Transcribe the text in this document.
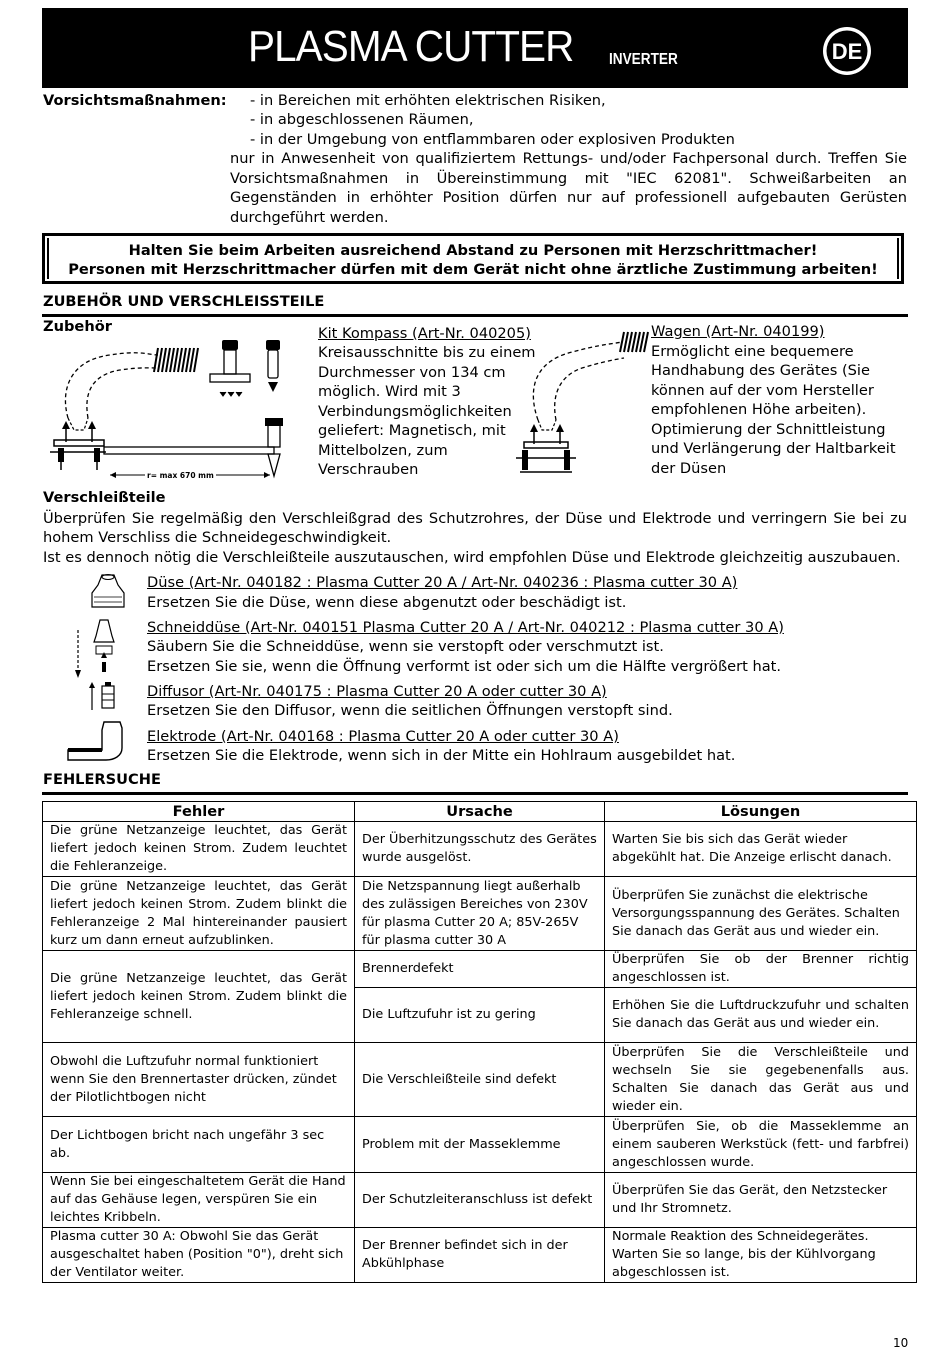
PLASMA CUTTER INVERTER	DE
Vorsichtsmaßnahmen: - in Bereichen mit erhöhten elektrischen Risiken,
- in abgeschlossenen Räumen,
- in der Umgebung von entflammbaren oder explosiven Produkten
nur in Anwesenheit von qualifiziertem Rettungs- und/oder Fachpersonal durch. Treffen Sie
Vorsichtsmaßnahmen in Übereinstimmung mit "IEC 62081". Schweißarbeiten an
Gegenständen in erhöhter Position dürfen nur auf professionell aufgebauten Gerüsten
durchgeführt werden.
Halten Sie beim Arbeiten ausreichend Abstand zu Personen mit Herzschrittmacher!
Personen mit Herzschrittmacher dürfen mit dem Gerät nicht ohne ärztliche Zustimmung arbeiten!
ZUBEHÖR UND VERSCHLEISSTEILE
Zubehör
r= max 670 mm
Kit Kompass (Art-Nr. 040205)
Kreisausschnitte bis zu einem
Durchmesser von 134 cm
möglich. Wird mit 3
Verbindungsmöglichkeiten
geliefert: Magnetisch, mit
Mittelbolzen, zum
Verschrauben
Wagen (Art-Nr. 040199)
Ermöglicht eine bequemere
Handhabung des Gerätes (Sie
können auf der vom Hersteller
empfohlenen Höhe arbeiten).
Optimierung der Schnittleistung
und Verlängerung der Haltbarkeit
der Düsen
Verschleißteile
Überprüfen Sie regelmäßig den Verschleißgrad des Schutzrohres, der Düse und Elektrode und verringern Sie bei zu
hohem Verschliss die Schneidegeschwindigkeit.
Ist es dennoch nötig die Verschleißteile auszutauschen, wird empfohlen Düse und Elektrode gleichzeitig auszubauen.
Düse (Art-Nr. 040182 : Plasma Cutter 20 A / Art-Nr. 040236 : Plasma cutter 30 A)
Ersetzen Sie die Düse, wenn diese abgenutzt oder beschädigt ist.
Schneiddüse (Art-Nr. 040151 Plasma Cutter 20 A / Art-Nr. 040212 : Plasma cutter 30 A)
Säubern Sie die Schneiddüse, wenn sie verstopft oder verschmutzt ist.
Ersetzen Sie sie, wenn die Öffnung verformt ist oder sich um die Hälfte vergrößert hat.
Diffusor (Art-Nr. 040175 : Plasma Cutter 20 A oder cutter 30 A)
Ersetzen Sie den Diffusor, wenn die seitlichen Öffnungen verstopft sind.
Elektrode (Art-Nr. 040168 : Plasma Cutter 20 A oder cutter 30 A)
Ersetzen Sie die Elektrode, wenn sich in der Mitte ein Hohlraum ausgebildet hat.
FEHLERSUCHE
Fehler	Ursache	Lösungen
Die grüne Netzanzeige leuchtet, das Gerät liefert jedoch keinen Strom. Zudem leuchtet die Fehleranzeige.	Der Überhitzungsschutz des Gerätes wurde ausgelöst.	Warten Sie bis sich das Gerät wieder abgekühlt hat. Die Anzeige erlischt danach.
Die grüne Netzanzeige leuchtet, das Gerät liefert jedoch keinen Strom. Zudem blinkt die Fehleranzeige 2 Mal hintereinander pausiert kurz um dann erneut aufzublinken.	Die Netzspannung liegt außerhalb des zulässigen Bereiches von 230V für plasma Cutter 20 A; 85V-265V für plasma cutter 30 A	Überprüfen Sie zunächst die elektrische Versorgungsspannung des Gerätes. Schalten Sie danach das Gerät aus und wieder ein.
Die grüne Netzanzeige leuchtet, das Gerät liefert jedoch keinen Strom. Zudem blinkt die Fehleranzeige schnell.	Brennerdefekt	Überprüfen Sie ob der Brenner richtig angeschlossen ist.
	Die Luftzufuhr ist zu gering	Erhöhen Sie die Luftdruckzufuhr und schalten Sie danach das Gerät aus und wieder ein.
Obwohl die Luftzufuhr normal funktioniert wenn Sie den Brennertaster drücken, zündet der Pilotlichtbogen nicht	Die Verschleißteile sind defekt	Überprüfen Sie die Verschleißteile und wechseln Sie sie gegebenenfalls aus. Schalten Sie danach das Gerät aus und wieder ein.
Der Lichtbogen bricht nach ungefähr 3 sec ab.	Problem mit der Masseklemme	Überprüfen Sie, ob die Masseklemme an einem sauberen Werkstück (fett- und farbfrei) angeschlossen wurde.
Wenn Sie bei eingeschaltetem Gerät die Hand auf das Gehäuse legen, verspüren Sie ein leichtes Kribbeln.	Der Schutzleiteranschluss ist defekt	Überprüfen Sie das Gerät, den Netzstecker und Ihr Stromnetz.
Plasma cutter 30 A: Obwohl Sie das Gerät ausgeschaltet haben (Position "0"), dreht sich der Ventilator weiter.	Der Brenner befindet sich in der Abkühlphase	Normale Reaktion des Schneidegerätes. Warten Sie so lange, bis der Kühlvorgang abgeschlossen ist.
10
